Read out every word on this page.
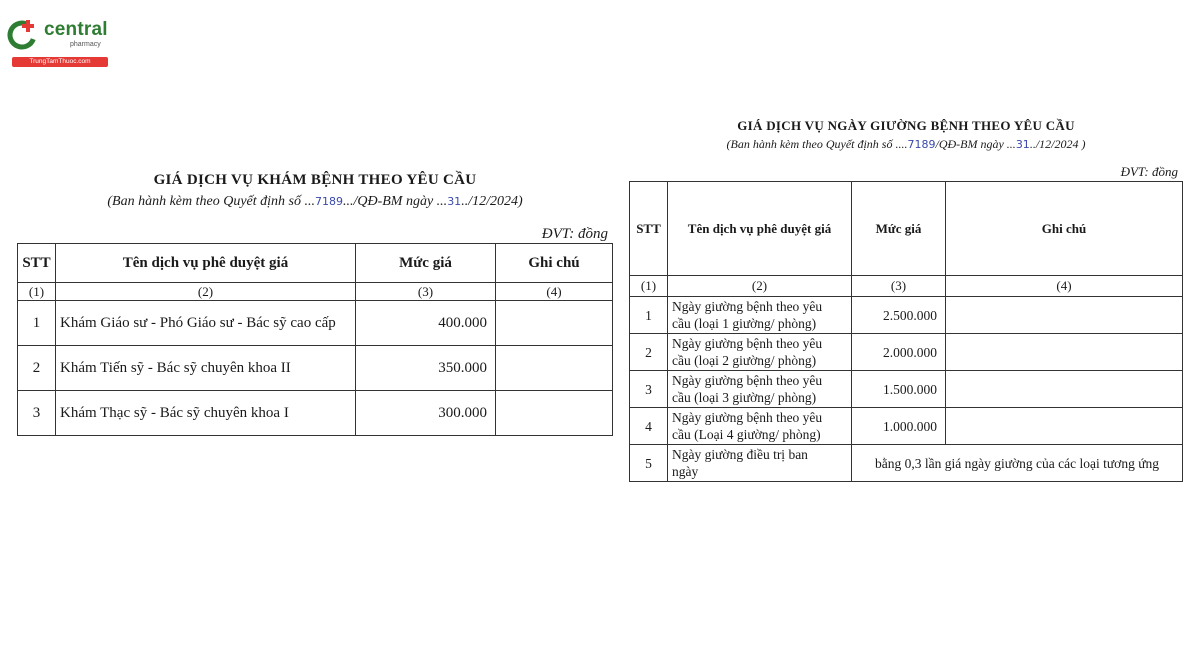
central
pharmacy
TrungTamThuoc.com
GIÁ DỊCH VỤ KHÁM BỆNH THEO YÊU CẦU
(Ban hành kèm theo Quyết định số ...7189.../QĐ-BM ngày ...31../12/2024)
ĐVT: đồng
STT	Tên dịch vụ phê duyệt giá	Mức giá	Ghi chú
(1)	(2)	(3)	(4)
1	Khám Giáo sư - Phó Giáo sư - Bác sỹ cao cấp	400.000	
2	Khám Tiến sỹ - Bác sỹ chuyên khoa II	350.000	
3	Khám Thạc sỹ - Bác sỹ chuyên khoa I	300.000	
GIÁ DỊCH VỤ NGÀY GIƯỜNG BỆNH THEO YÊU CẦU
(Ban hành kèm theo Quyết định số ....7189/QĐ-BM ngày ...31../12/2024 )
ĐVT: đồng
STT	Tên dịch vụ phê duyệt giá	Mức giá	Ghi chú
(1)	(2)	(3)	(4)
1	Ngày giường bệnh theo yêu
cầu (loại 1 giường/ phòng)	2.500.000	
2	Ngày giường bệnh theo yêu
cầu (loại 2 giường/ phòng)	2.000.000	
3	Ngày giường bệnh theo yêu
cầu (loại 3 giường/ phòng)	1.500.000	
4	Ngày giường bệnh theo yêu
cầu (Loại 4 giường/ phòng)	1.000.000	
5	Ngày giường điều trị ban
ngày	bằng 0,3 lần giá ngày giường của các loại tương ứng	
